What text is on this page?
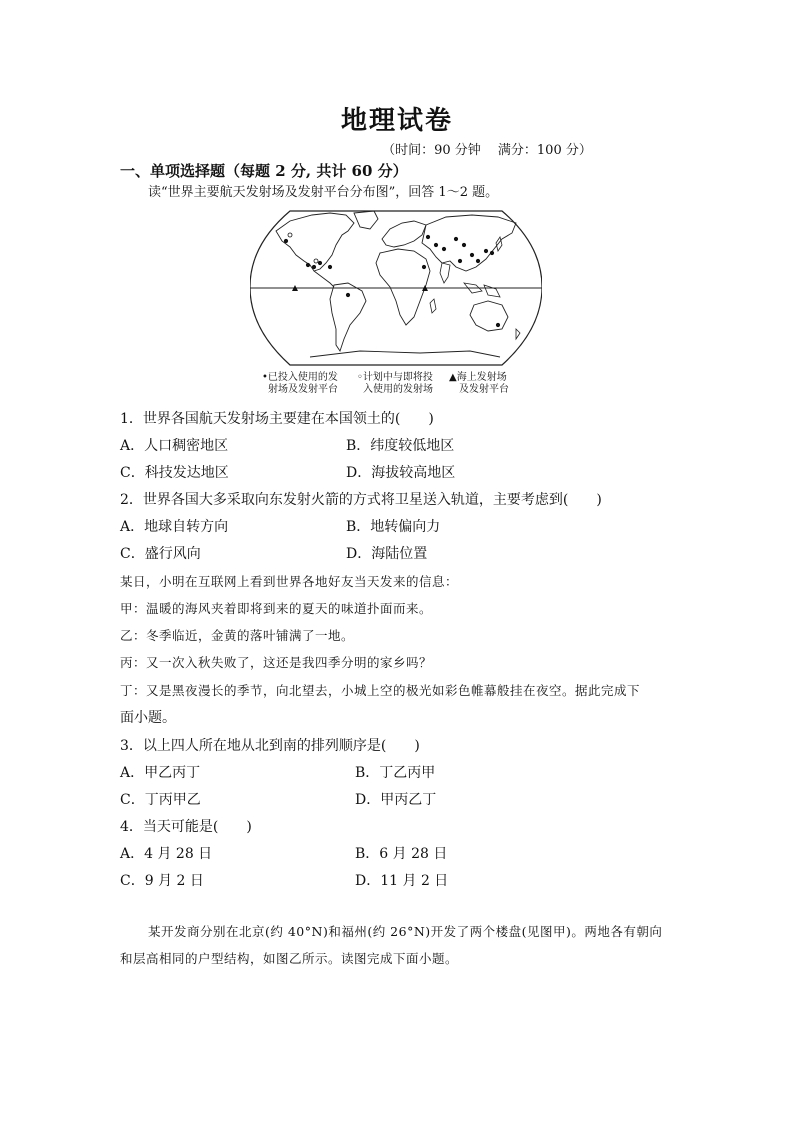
地理试卷
（时间：90 分钟　 满分：100 分）
一、单项选择题（每题 2 分, 共计 60 分）
读“世界主要航天发射场及发射平台分布图”，回答 1～2 题。
•已投入使用的发
射场及发射平台
◦计划中与即将投
入使用的发射场
▲海上发射场
及发射平台
1．世界各国航天发射场主要建在本国领土的(　　)
A．人口稠密地区	B．纬度较低地区
C．科技发达地区	D．海拔较高地区
2．世界各国大多采取向东发射火箭的方式将卫星送入轨道，主要考虑到(　　)
A．地球自转方向	B．地转偏向力
C．盛行风向	D．海陆位置
某日，小明在互联网上看到世界各地好友当天发来的信息：
甲：温暖的海风夹着即将到来的夏天的味道扑面而来。
乙：冬季临近，金黄的落叶铺满了一地。
丙：又一次入秋失败了，这还是我四季分明的家乡吗？
丁：又是黑夜漫长的季节，向北望去，小城上空的极光如彩色帷幕般挂在夜空。据此完成下
面小题。
3．以上四人所在地从北到南的排列顺序是(　　)
A．甲乙丙丁	B．丁乙丙甲
C．丁丙甲乙	D．甲丙乙丁
4．当天可能是(　　)
A．4 月 28 日	B．6 月 28 日
C．9 月 2 日	D．11 月 2 日
某开发商分别在北京(约 40°N)和福州(约 26°N)开发了两个楼盘(见图甲)。两地各有朝向
和层高相同的户型结构，如图乙所示。读图完成下面小题。
